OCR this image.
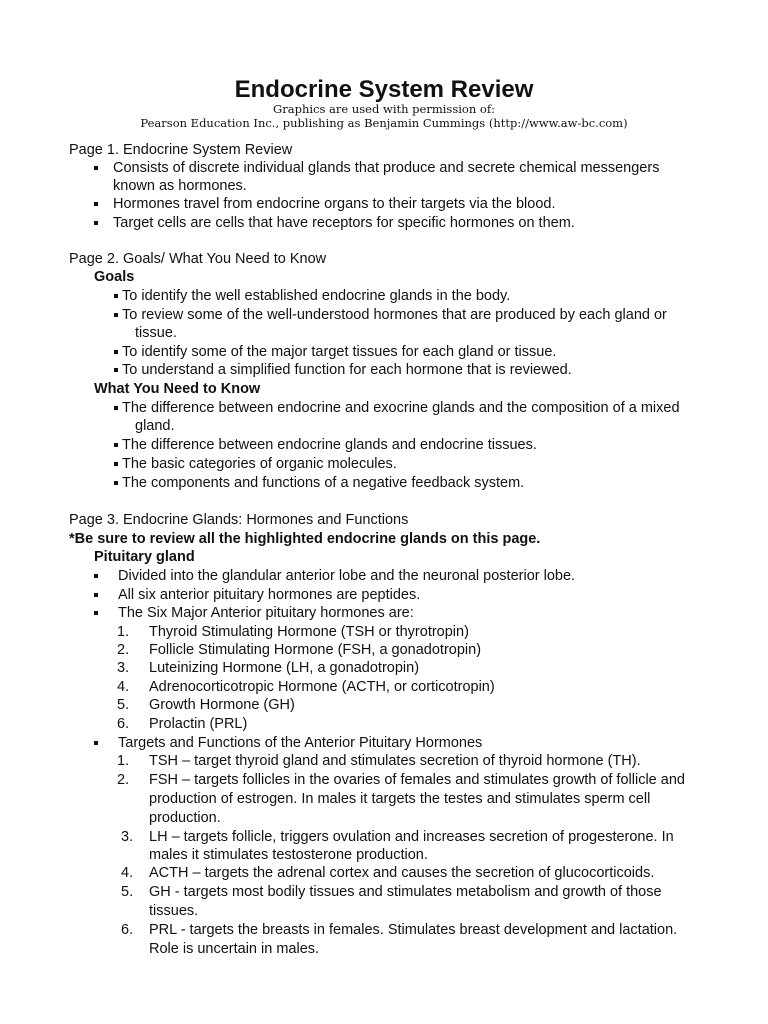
Endocrine System Review
Graphics are used with permission of:
Pearson Education Inc., publishing as Benjamin Cummings (http://www.aw-bc.com)
Page 1. Endocrine System Review
Consists of discrete individual glands that produce and secrete chemical messengers
known as hormones.
Hormones travel from endocrine organs to their targets via the blood.
Target cells are cells that have receptors for specific hormones on them.
Page 2. Goals/ What You Need to Know
Goals
To identify the well established endocrine glands in the body.
To review some of the well-understood hormones that are produced by each gland or
tissue.
To identify some of the major target tissues for each gland or tissue.
To understand a simplified function for each hormone that is reviewed.
What You Need to Know
The difference between endocrine and exocrine glands and the composition of a mixed
gland.
The difference between endocrine glands and endocrine tissues.
The basic categories of organic molecules.
The components and functions of a negative feedback system.
Page 3. Endocrine Glands: Hormones and Functions
*Be sure to review all the highlighted endocrine glands on this page.
Pituitary gland
Divided into the glandular anterior lobe and the neuronal posterior lobe.
All six anterior pituitary hormones are peptides.
The Six Major Anterior pituitary hormones are:
1. Thyroid Stimulating Hormone (TSH or thyrotropin)
2. Follicle Stimulating Hormone (FSH, a gonadotropin)
3. Luteinizing Hormone (LH, a gonadotropin)
4. Adrenocorticotropic Hormone (ACTH, or corticotropin)
5. Growth Hormone (GH)
6. Prolactin (PRL)
Targets and Functions of the Anterior Pituitary Hormones
1. TSH – target thyroid gland and stimulates secretion of thyroid hormone (TH).
2. FSH – targets follicles in the ovaries of females and stimulates growth of follicle and
production of estrogen. In males it targets the testes and stimulates sperm cell
production.
3. LH – targets follicle, triggers ovulation and increases secretion of progesterone. In
males it stimulates testosterone production.
4. ACTH – targets the adrenal cortex and causes the secretion of glucocorticoids.
5. GH - targets most bodily tissues and stimulates metabolism and growth of those
tissues.
6. PRL - targets the breasts in females. Stimulates breast development and lactation.
Role is uncertain in males.
